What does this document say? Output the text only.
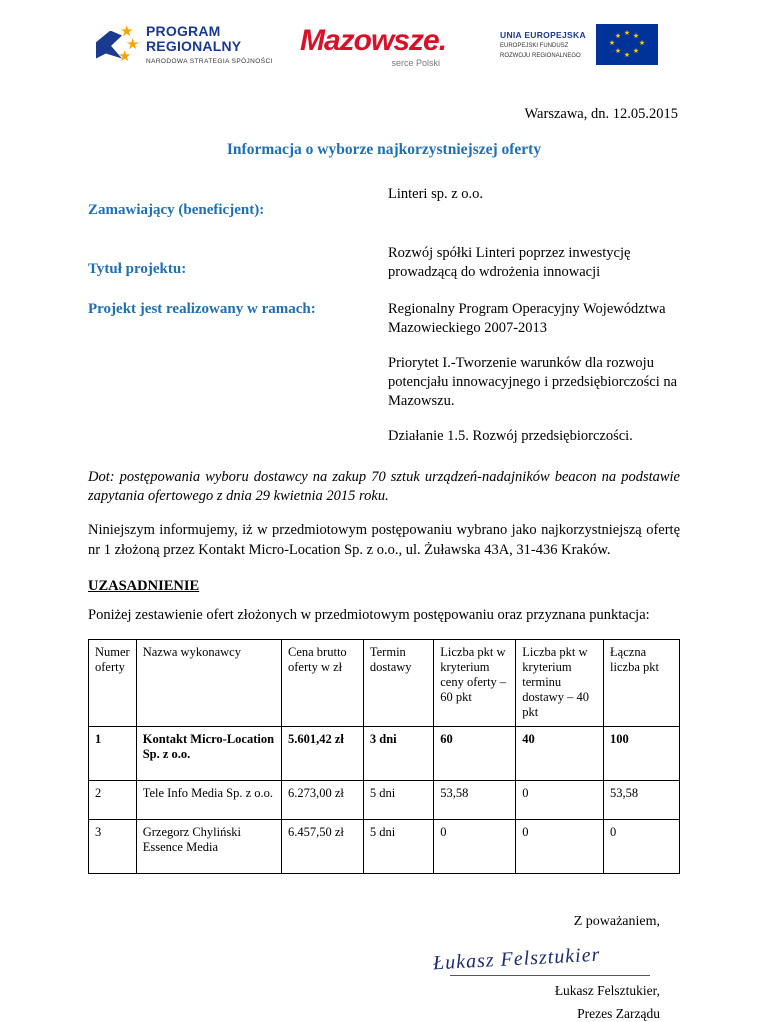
★
★
★
PROGRAM
REGIONALNY
NARODOWA STRATEGIA SPÓJNOŚCI
Mazowsze.
serce Polski
UNIA EUROPEJSKA
EUROPEJSKI FUNDUSZ
ROZWOJU REGIONALNEGO
★ ★
★
★
★
★
★
★
Warszawa, dn. 12.05.2015
Informacja o wyborze najkorzystniejszej oferty
Zamawiający (beneficjent):
Linteri sp. z o.o.
Tytuł projektu:
Rozwój spółki Linteri poprzez inwestycję prowadzącą do wdrożenia innowacji
Projekt jest realizowany w ramach:	Regionalny Program Operacyjny Województwa Mazowieckiego 2007-2013
Priorytet I.-Tworzenie warunków dla rozwoju potencjału innowacyjnego i przedsiębiorczości na Mazowszu.
Działanie 1.5. Rozwój przedsiębiorczości.
Dot: postępowania wyboru dostawcy na zakup 70 sztuk urządzeń-nadajników beacon na podstawie zapytania ofertowego z dnia 29 kwietnia 2015 roku.
Niniejszym informujemy, iż w przedmiotowym postępowaniu wybrano jako najkorzystniejszą ofertę nr 1 złożoną przez Kontakt Micro-Location Sp. z o.o., ul. Żuławska 43A, 31-436 Kraków.
UZASADNIENIE
Poniżej zestawienie ofert złożonych w przedmiotowym postępowaniu oraz przyznana punktacja:
Numer oferty	Nazwa wykonawcy	Cena brutto oferty w zł	Termin dostawy	Liczba pkt w kryterium ceny oferty – 60 pkt	Liczba pkt w kryterium terminu dostawy – 40 pkt	Łączna liczba pkt
1	Kontakt Micro-Location Sp. z o.o.	5.601,42 zł	3 dni	60	40	100
2	Tele Info Media Sp. z o.o.	6.273,00 zł	5 dni	53,58	0	53,58
3	Grzegorz Chyliński Essence Media	6.457,50 zł	5 dni	0	0	0
Z poważaniem,
Łukasz Felsztukier
Łukasz Felsztukier,
Prezes Zarządu
